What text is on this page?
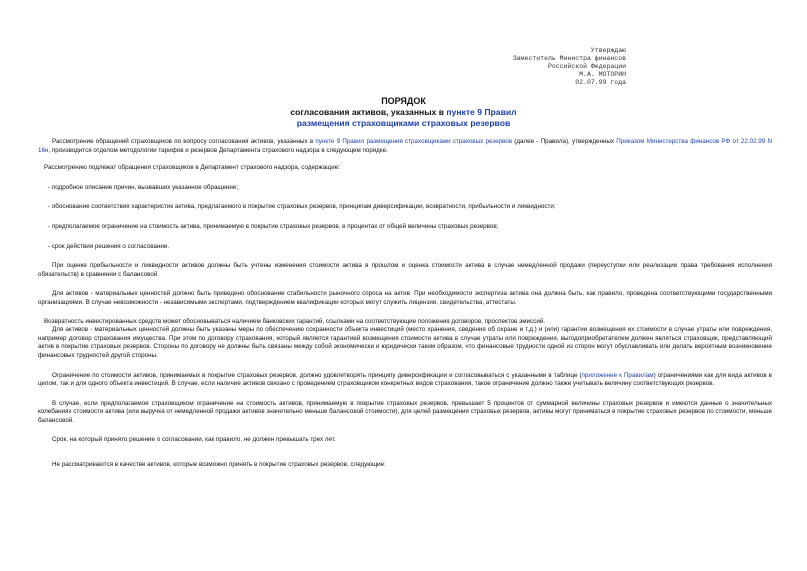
Утверждаю
Заместитель Министра финансов
Российской Федерации
М.А. МОТОРИН
02.07.99 года
ПОРЯДОК
согласования активов, указанных в пункте 9 Правил
размещения страховщиками страховых резервов

Рассмотрение обращений страховщиков по вопросу согласования активов, указанных в пункте 9 Правил размещения страховщиками страховых резервов (далее - Правила), утвержденных Приказом Министерства финансов РФ от 22.02.99 N 16н, производится отделом методологии тарифов и резервов Департамента страхового надзора в следующем порядке.

Рассмотрению подлежат обращения страховщиков в Департамент страхового надзора, содержащие:

- подробное описание причин, вызвавших указанное обращение;

- обоснование соответствия характеристик актива, предлагаемого в покрытие страховых резервов, принципам диверсификации, возвратности, прибыльности и ликвидности;

- предполагаемое ограничение на стоимость актива, принимаемую в покрытие страховых резервов, в процентах от общей величины страховых резервов;

- срок действия решения о согласовании.

При оценке прибыльности и ликвидности активов должны быть учтены изменения стоимости актива в прошлом и оценка стоимости актива в случае немедленной продажи (переуступки или реализации права требования исполнения обязательств) в сравнении с балансовой.

Для активов - материальных ценностей должно быть приведено обоснование стабильности рыночного спроса на актив. При необходимости экспертиза актива она должна быть, как правило, проведена соответствующими государственными организациями. В случае невозможности - независимыми экспертами, подтверждением квалификации которых могут служить лицензии, свидетельства, аттестаты.

Возвратность инвестированных средств может обосновываться наличием банковских гарантий, ссылками на соответствующие положения договоров, проспектов эмиссий.

Для активов - материальных ценностей должны быть указаны меры по обеспечению сохранности объекта инвестиций (место хранения, сведения об охране и т.д.) и (или) гарантии возмещения их стоимости в случае утраты или повреждения, например договор страхования имущества. При этом по договору страхования, который является гарантией возмещения стоимости актива в случае утраты или повреждения, выгодоприобретателем должен являться страховщик, представляющий актив в покрытие страховых резервов. Стороны по договору не должны быть связаны между собой экономически и юридически таким образом, что финансовые трудности одной из сторон могут обуславливать или делать вероятным возникновение финансовых трудностей другой стороны.

Ограничение по стоимости активов, принимаемых в покрытие страховых резервов, должно удовлетворять принципу диверсификации и согласовываться с указанными в таблице (приложение к Правилам) ограничениями как для вида активов в целом, так и для одного объекта инвестиций. В случае, если наличие активов связано с проведением страховщиком конкретных видов страхования, такое ограничение должно также учитывать величину соответствующих резервов.

В случае, если предполагаемое страховщиком ограничение на стоимость активов, принимаемую в покрытие страховых резервов, превышает 5 процентов от суммарной величины страховых резервов и имеются данные о значительных колебаниях стоимости актива (или выручка от немедленной продажи активов значительно меньше балансовой стоимости), для целей размещения страховых резервов, активы могут приниматься в покрытие страховых резервов по стоимости, меньше балансовой.

Срок, на который принято решение о согласовании, как правило, не должен превышать трех лет.

Не рассматриваются в качестве активов, которые возможно принять в покрытие страховых резервов, следующие:
